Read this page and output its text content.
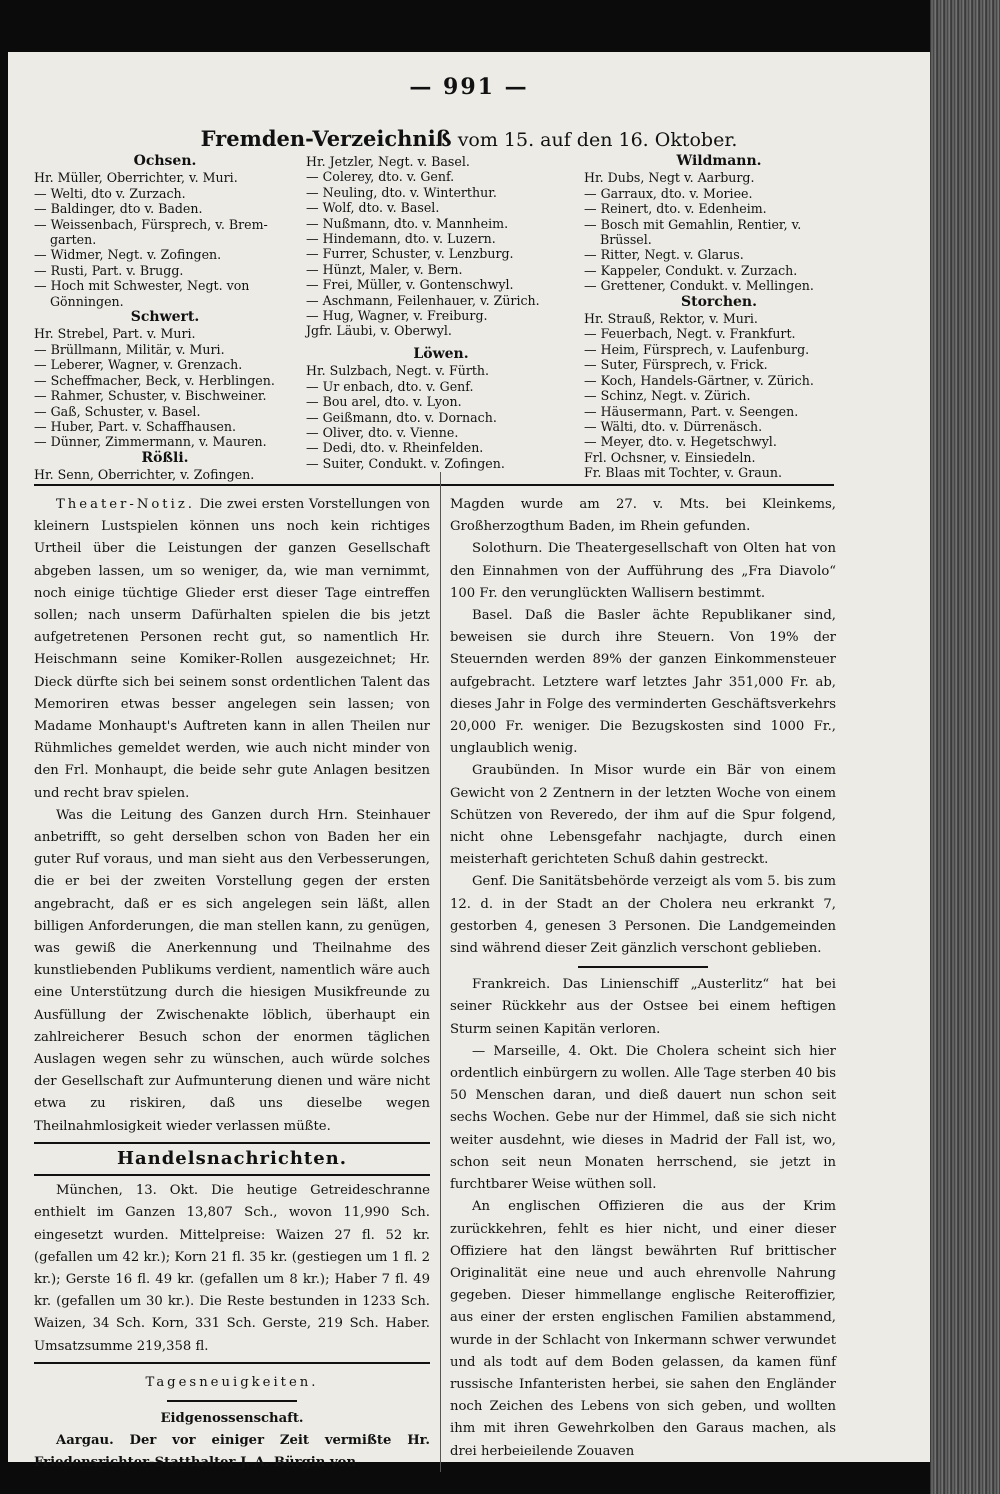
— 991 —
Fremden-Verzeichniß vom 15. auf den 16. Oktober.
Ochsen.
Hr. Müller, Oberrichter, v. Muri.
— Welti, dto v. Zurzach.
— Baldinger, dto v. Baden.
— Weissenbach, Fürsprech, v. Brem-
garten.
— Widmer, Negt. v. Zofingen.
— Rusti, Part. v. Brugg.
— Hoch mit Schwester, Negt. von
Gönningen.
Schwert.
Hr. Strebel, Part. v. Muri.
— Brüllmann, Militär, v. Muri.
— Leberer, Wagner, v. Grenzach.
— Scheffmacher, Beck, v. Herblingen.
— Rahmer, Schuster, v. Bischweiner.
— Gaß, Schuster, v. Basel.
— Huber, Part. v. Schaffhausen.
— Dünner, Zimmermann, v. Mauren.
Rößli.
Hr. Senn, Oberrichter, v. Zofingen.
Hr. Jetzler, Negt. v. Basel.
— Colerey, dto. v. Genf.
— Neuling, dto. v. Winterthur.
— Wolf, dto. v. Basel.
— Nußmann, dto. v. Mannheim.
— Hindemann, dto. v. Luzern.
— Furrer, Schuster, v. Lenzburg.
— Hünzt, Maler, v. Bern.
— Frei, Müller, v. Gontenschwyl.
— Aschmann, Feilenhauer, v. Zürich.
— Hug, Wagner, v. Freiburg.
Jgfr. Läubi, v. Oberwyl.
Löwen.
Hr. Sulzbach, Negt. v. Fürth.
— Ur enbach, dto. v. Genf.
— Bou arel, dto. v. Lyon.
— Geißmann, dto. v. Dornach.
— Oliver, dto. v. Vienne.
— Dedi, dto. v. Rheinfelden.
— Suiter, Condukt. v. Zofingen.
Wildmann.
Hr. Dubs, Negt v. Aarburg.
— Garraux, dto. v. Moriee.
— Reinert, dto. v. Edenheim.
— Bosch mit Gemahlin, Rentier, v.
Brüssel.
— Ritter, Negt. v. Glarus.
— Kappeler, Condukt. v. Zurzach.
— Grettener, Condukt. v. Mellingen.
Storchen.
Hr. Strauß, Rektor, v. Muri.
— Feuerbach, Negt. v. Frankfurt.
— Heim, Fürsprech, v. Laufenburg.
— Suter, Fürsprech, v. Frick.
— Koch, Handels-Gärtner, v. Zürich.
— Schinz, Negt. v. Zürich.
— Häusermann, Part. v. Seengen.
— Wälti, dto. v. Dürrenäsch.
— Meyer, dto. v. Hegetschwyl.
Frl. Ochsner, v. Einsiedeln.
Fr. Blaas mit Tochter, v. Graun.

Theater-Notiz. Die zwei ersten Vorstellungen von kleinern Lustspielen können uns noch kein richtiges Urtheil über die Leistungen der ganzen Gesellschaft abgeben lassen, um so weniger, da, wie man vernimmt, noch einige tüchtige Glieder erst dieser Tage eintreffen sollen; nach unserm Dafürhalten spielen die bis jetzt aufgetretenen Personen recht gut, so namentlich Hr. Heischmann seine Komiker-Rollen ausgezeichnet; Hr. Dieck dürfte sich bei seinem sonst ordentlichen Talent das Memoriren etwas besser angelegen sein lassen; von Madame Monhaupt's Auftreten kann in allen Theilen nur Rühmliches gemeldet werden, wie auch nicht minder von den Frl. Monhaupt, die beide sehr gute Anlagen besitzen und recht brav spielen.

Was die Leitung des Ganzen durch Hrn. Steinhauer anbetrifft, so geht derselben schon von Baden her ein guter Ruf voraus, und man sieht aus den Verbesserungen, die er bei der zweiten Vorstellung gegen der ersten angebracht, daß er es sich angelegen sein läßt, allen billigen Anforderungen, die man stellen kann, zu genügen, was gewiß die Anerkennung und Theilnahme des kunstliebenden Publikums verdient, namentlich wäre auch eine Unterstützung durch die hiesigen Musikfreunde zu Ausfüllung der Zwischenakte löblich, überhaupt ein zahlreicherer Besuch schon der enormen täglichen Auslagen wegen sehr zu wünschen, auch würde solches der Gesellschaft zur Aufmunterung dienen und wäre nicht etwa zu riskiren, daß uns dieselbe wegen Theilnahmlosigkeit wieder verlassen müßte.

Handelsnachrichten.

München, 13. Okt. Die heutige Getreideschranne enthielt im Ganzen 13,807 Sch., wovon 11,990 Sch. eingesetzt wurden. Mittelpreise: Waizen 27 fl. 52 kr. (gefallen um 42 kr.); Korn 21 fl. 35 kr. (gestiegen um 1 fl. 2 kr.); Gerste 16 fl. 49 kr. (gefallen um 8 kr.); Haber 7 fl. 49 kr. (gefallen um 30 kr.). Die Reste bestunden in 1233 Sch. Waizen, 34 Sch. Korn, 331 Sch. Gerste, 219 Sch. Haber. Umsatzsumme 219,358 fl.

Tagesneuigkeiten.

Eidgenossenschaft.

Aargau. Der vor einiger Zeit vermißte Hr. Friedensrichter-Statthalter J. A. Bürgin von

Magden wurde am 27. v. Mts. bei Kleinkems, Großherzogthum Baden, im Rhein gefunden.

Solothurn. Die Theatergesellschaft von Olten hat von den Einnahmen von der Aufführung des „Fra Diavolo“ 100 Fr. den verunglückten Wallisern bestimmt.

Basel. Daß die Basler ächte Republikaner sind, beweisen sie durch ihre Steuern. Von 19% der Steuernden werden 89% der ganzen Einkommensteuer aufgebracht. Letztere warf letztes Jahr 351,000 Fr. ab, dieses Jahr in Folge des verminderten Geschäftsverkehrs 20,000 Fr. weniger. Die Bezugskosten sind 1000 Fr., unglaublich wenig.

Graubünden. In Misor wurde ein Bär von einem Gewicht von 2 Zentnern in der letzten Woche von einem Schützen von Reveredo, der ihm auf die Spur folgend, nicht ohne Lebensgefahr nachjagte, durch einen meisterhaft gerichteten Schuß dahin gestreckt.

Genf. Die Sanitätsbehörde verzeigt als vom 5. bis zum 12. d. in der Stadt an der Cholera neu erkrankt 7, gestorben 4, genesen 3 Personen. Die Landgemeinden sind während dieser Zeit gänzlich verschont geblieben.

Frankreich. Das Linienschiff „Austerlitz“ hat bei seiner Rückkehr aus der Ostsee bei einem heftigen Sturm seinen Kapitän verloren.

— Marseille, 4. Okt. Die Cholera scheint sich hier ordentlich einbürgern zu wollen. Alle Tage sterben 40 bis 50 Menschen daran, und dieß dauert nun schon seit sechs Wochen. Gebe nur der Himmel, daß sie sich nicht weiter ausdehnt, wie dieses in Madrid der Fall ist, wo, schon seit neun Monaten herrschend, sie jetzt in furchtbarer Weise wüthen soll.

An englischen Offizieren die aus der Krim zurückkehren, fehlt es hier nicht, und einer dieser Offiziere hat den längst bewährten Ruf brittischer Originalität eine neue und auch ehrenvolle Nahrung gegeben. Dieser himmellange englische Reiteroffizier, aus einer der ersten englischen Familien abstammend, wurde in der Schlacht von Inkermann schwer verwundet und als todt auf dem Boden gelassen, da kamen fünf russische Infanteristen herbei, sie sahen den Engländer noch Zeichen des Lebens von sich geben, und wollten ihm mit ihren Gewehrkolben den Garaus machen, als drei herbeieilende Zouaven
